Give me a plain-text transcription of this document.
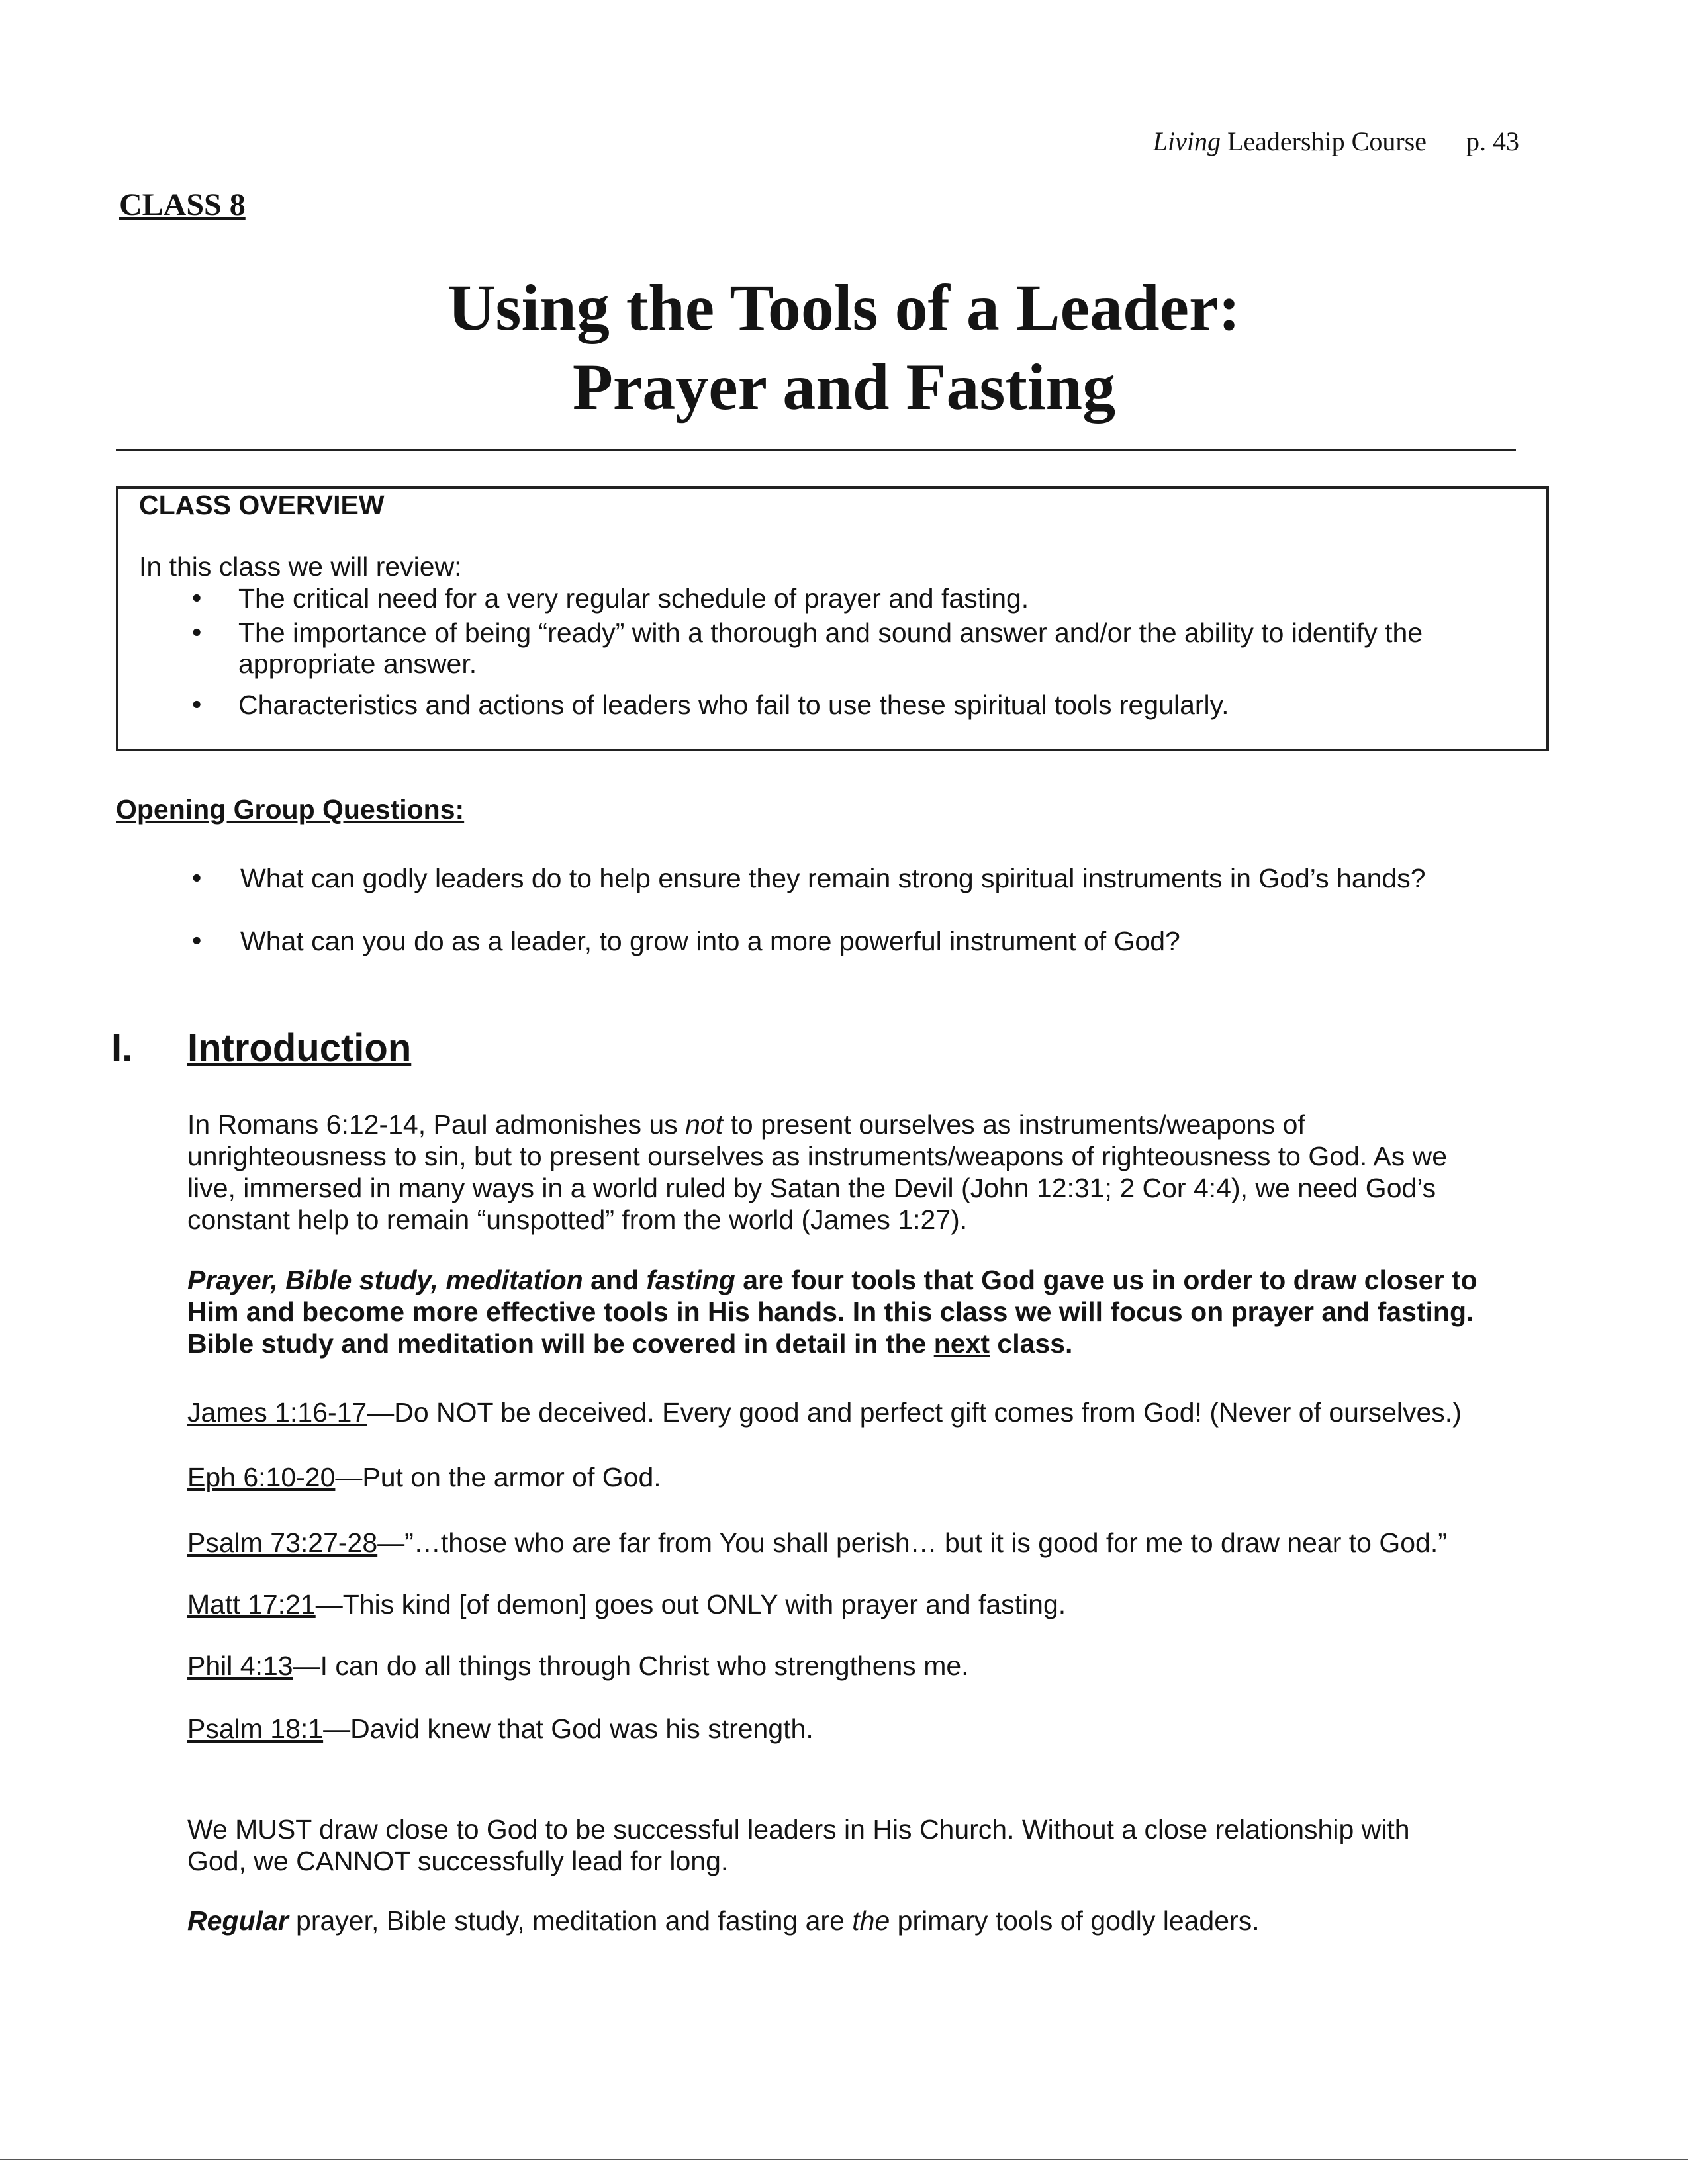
Living Leadership Course p. 43
CLASS 8
Using the Tools of a Leader:
Prayer and Fasting
CLASS OVERVIEW
In this class we will review:
• The critical need for a very regular schedule of prayer and fasting.
• The importance of being “ready” with a thorough and sound answer and/or the ability to identify the
appropriate answer.
• Characteristics and actions of leaders who fail to use these spiritual tools regularly.
Opening Group Questions:
• What can godly leaders do to help ensure they remain strong spiritual instruments in God’s hands?
• What can you do as a leader, to grow into a more powerful instrument of God?
I. Introduction
In Romans 6:12-14, Paul admonishes us not to present ourselves as instruments/weapons of unrighteousness to sin, but to present ourselves as instruments/weapons of righteousness to God. As we live, immersed in many ways in a world ruled by Satan the Devil (John 12:31; 2 Cor 4:4), we need God’s constant help to remain “unspotted” from the world (James 1:27).
Prayer, Bible study, meditation and fasting are four tools that God gave us in order to draw closer to Him and become more effective tools in His hands. In this class we will focus on prayer and fasting. Bible study and meditation will be covered in detail in the next class.
James 1:16-17—Do NOT be deceived. Every good and perfect gift comes from God! (Never of ourselves.)
Eph 6:10-20—Put on the armor of God.
Psalm 73:27-28—”…those who are far from You shall perish… but it is good for me to draw near to God.”
Matt 17:21—This kind [of demon] goes out ONLY with prayer and fasting.
Phil 4:13—I can do all things through Christ who strengthens me.
Psalm 18:1—David knew that God was his strength.
We MUST draw close to God to be successful leaders in His Church. Without a close relationship with God, we CANNOT successfully lead for long.
Regular prayer, Bible study, meditation and fasting are the primary tools of godly leaders.
